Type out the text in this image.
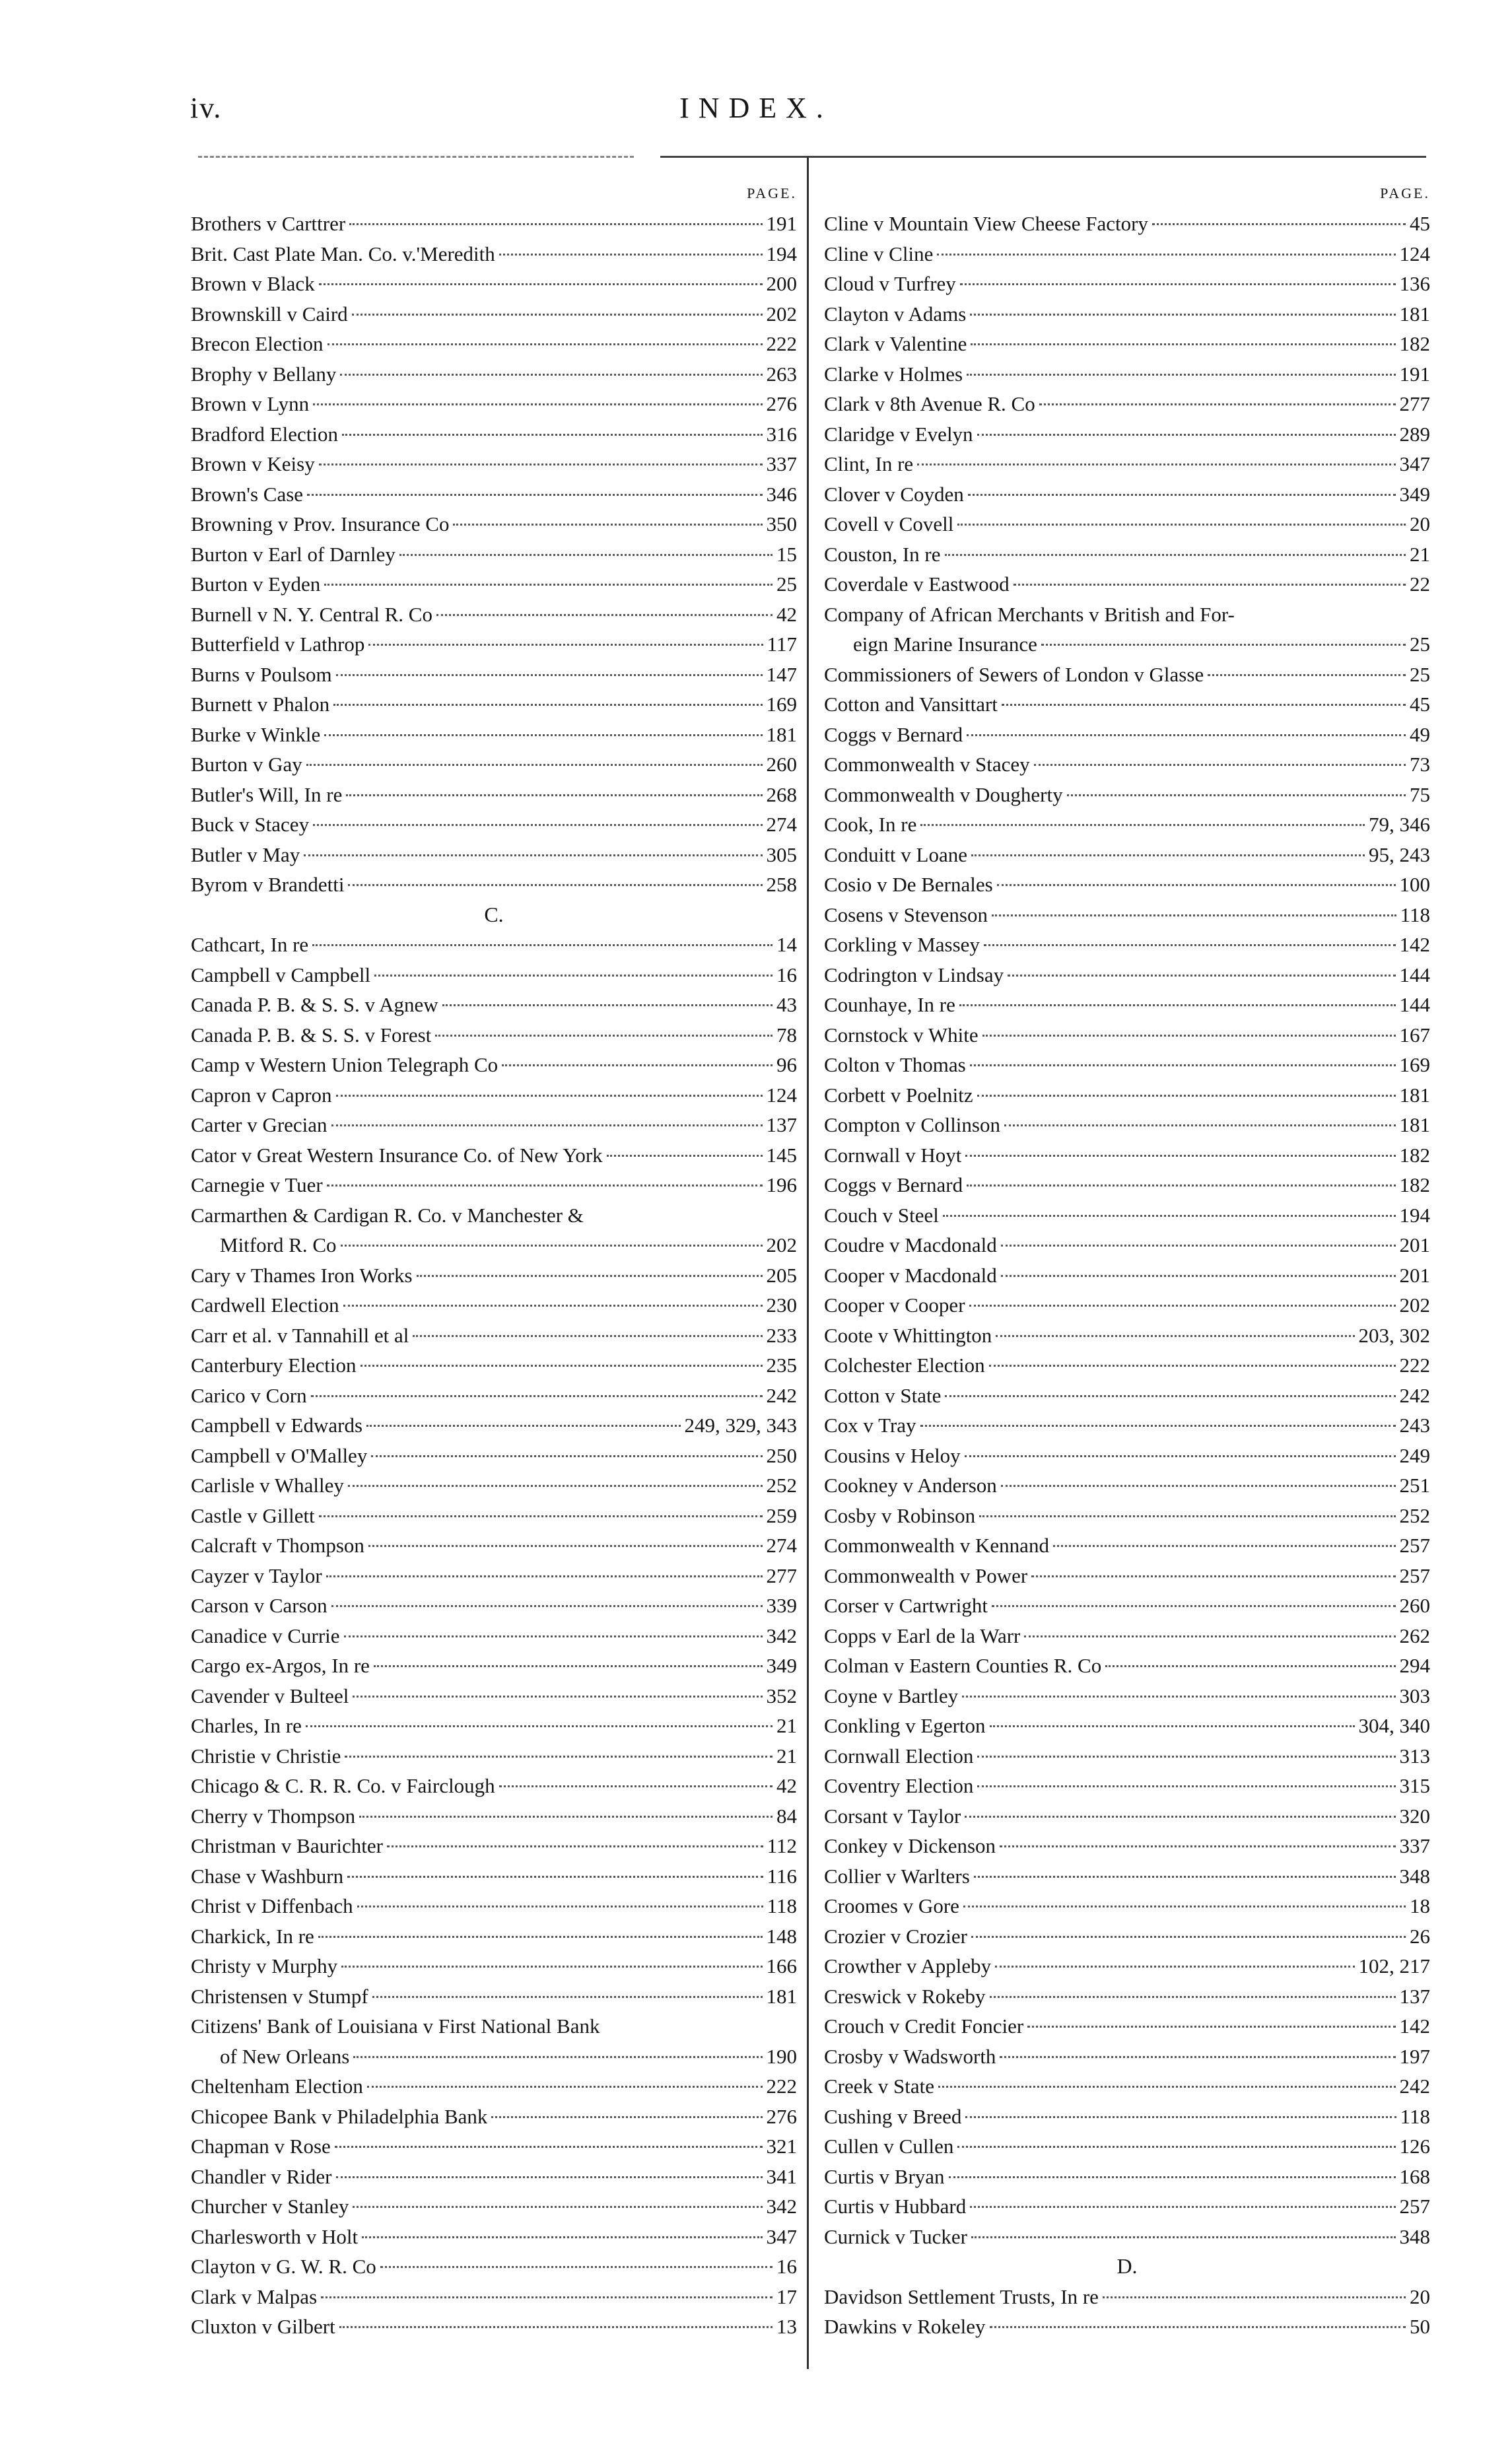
iv.	INDEX.
PAGE.
Brothers v Carttrer	191
Brit. Cast Plate Man. Co. v.'Meredith	194
Brown v Black	200
Brownskill v Caird	202
Brecon Election	222
Brophy v Bellany	263
Brown v Lynn	276
Bradford Election	316
Brown v Keisy	337
Brown's Case	346
Browning v Prov. Insurance Co	350
Burton v Earl of Darnley	15
Burton v Eyden	25
Burnell v N. Y. Central R. Co	42
Butterfield v Lathrop	117
Burns v Poulsom	147
Burnett v Phalon	169
Burke v Winkle	181
Burton v Gay	260
Butler's Will, In re	268
Buck v Stacey	274
Butler v May	305
Byrom v Brandetti	258
C.
Cathcart, In re	14
Campbell v Campbell	16
Canada P. B. & S. S. v Agnew	43
Canada P. B. & S. S. v Forest	78
Camp v Western Union Telegraph Co	96
Capron v Capron	124
Carter v Grecian	137
Cator v Great Western Insurance Co. of New York	145
Carnegie v Tuer	196
Carmarthen & Cardigan R. Co. v Manchester &
Mitford R. Co	202
Cary v Thames Iron Works	205
Cardwell Election	230
Carr et al. v Tannahill et al	233
Canterbury Election	235
Carico v Corn	242
Campbell v Edwards	249, 329, 343
Campbell v O'Malley	250
Carlisle v Whalley	252
Castle v Gillett	259
Calcraft v Thompson	274
Cayzer v Taylor	277
Carson v Carson	339
Canadice v Currie	342
Cargo ex-Argos, In re	349
Cavender v Bulteel	352
Charles, In re	21
Christie v Christie	21
Chicago & C. R. R. Co. v Fairclough	42
Cherry v Thompson	84
Christman v Baurichter	112
Chase v Washburn	116
Christ v Diffenbach	118
Charkick, In re	148
Christy v Murphy	166
Christensen v Stumpf	181
Citizens' Bank of Louisiana v First National Bank
of New Orleans	190
Cheltenham Election	222
Chicopee Bank v Philadelphia Bank	276
Chapman v Rose	321
Chandler v Rider	341
Churcher v Stanley	342
Charlesworth v Holt	347
Clayton v G. W. R. Co	16
Clark v Malpas	17
Cluxton v Gilbert	13
PAGE.
Cline v Mountain View Cheese Factory	45
Cline v Cline	124
Cloud v Turfrey	136
Clayton v Adams	181
Clark v Valentine	182
Clarke v Holmes	191
Clark v 8th Avenue R. Co	277
Claridge v Evelyn	289
Clint, In re	347
Clover v Coyden	349
Covell v Covell	20
Couston, In re	21
Coverdale v Eastwood	22
Company of African Merchants v British and For-
eign Marine Insurance	25
Commissioners of Sewers of London v Glasse	25
Cotton and Vansittart	45
Coggs v Bernard	49
Commonwealth v Stacey	73
Commonwealth v Dougherty	75
Cook, In re	79, 346
Conduitt v Loane	95, 243
Cosio v De Bernales	100
Cosens v Stevenson	118
Corkling v Massey	142
Codrington v Lindsay	144
Counhaye, In re	144
Cornstock v White	167
Colton v Thomas	169
Corbett v Poelnitz	181
Compton v Collinson	181
Cornwall v Hoyt	182
Coggs v Bernard	182
Couch v Steel	194
Coudre v Macdonald	201
Cooper v Macdonald	201
Cooper v Cooper	202
Coote v Whittington	203, 302
Colchester Election	222
Cotton v State	242
Cox v Tray	243
Cousins v Heloy	249
Cookney v Anderson	251
Cosby v Robinson	252
Commonwealth v Kennand	257
Commonwealth v Power	257
Corser v Cartwright	260
Copps v Earl de la Warr	262
Colman v Eastern Counties R. Co	294
Coyne v Bartley	303
Conkling v Egerton	304, 340
Cornwall Election	313
Coventry Election	315
Corsant v Taylor	320
Conkey v Dickenson	337
Collier v Warlters	348
Croomes v Gore	18
Crozier v Crozier	26
Crowther v Appleby	102, 217
Creswick v Rokeby	137
Crouch v Credit Foncier	142
Crosby v Wadsworth	197
Creek v State	242
Cushing v Breed	118
Cullen v Cullen	126
Curtis v Bryan	168
Curtis v Hubbard	257
Curnick v Tucker	348
D.
Davidson Settlement Trusts, In re	20
Dawkins v Rokeley	50
